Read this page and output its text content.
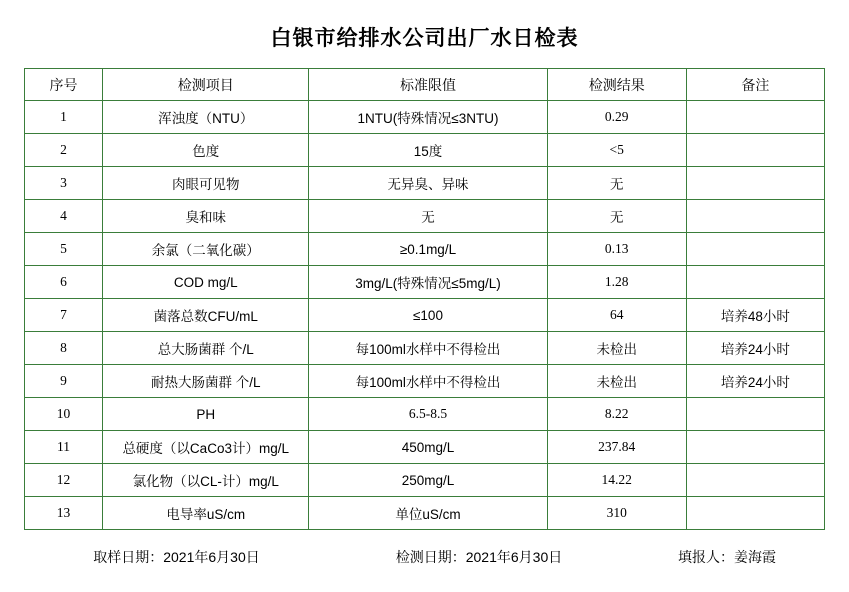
白银市给排水公司出厂水日检表
序号	检测项目	标准限值	检测结果	备注
1	浑浊度（NTU）	1NTU(特殊情况≤3NTU)	0.29	
2	色度	15度	<5	
3	肉眼可见物	无异臭、异味	无	
4	臭和味	无	无	
5	余氯（二氧化碳）	≥0.1mg/L	0.13	
6	COD mg/L	3mg/L(特殊情况≤5mg/L)	1.28	
7	菌落总数CFU/mL	≤100	64	培养48小时
8	总大肠菌群 个/L	每100ml水样中不得检出	未检出	培养24小时
9	耐热大肠菌群 个/L	每100ml水样中不得检出	未检出	培养24小时
10	PH	6.5-8.5	8.22	
11	总硬度（以CaCo3计）mg/L	450mg/L	237.84	
12	氯化物（以CL-计）mg/L	250mg/L	14.22	
13	电导率uS/cm	单位uS/cm	310	
取样日期：2021年6月30日	检测日期：2021年6月30日	填报人：姜海霞
